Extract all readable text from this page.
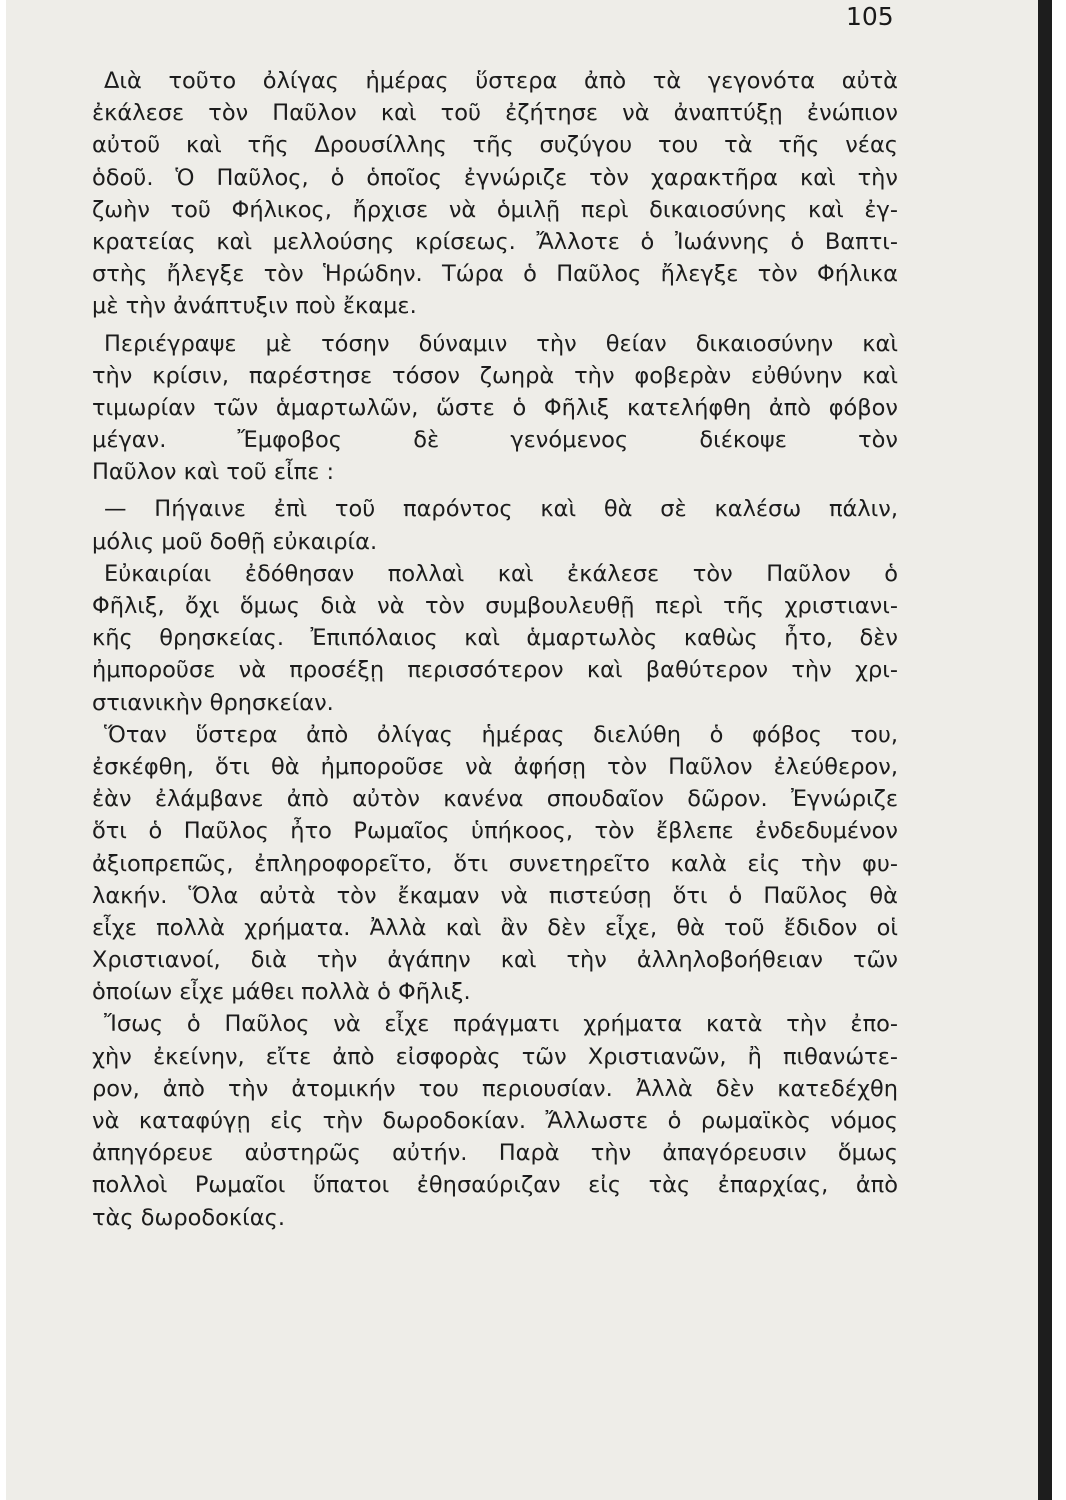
105
Διὰ τοῦτο ὀλίγας ἡμέρας ὕστερα ἀπὸ τὰ γεγονότα αὐτὰ
ἐκάλεσε τὸν Παῦλον καὶ τοῦ ἐζήτησε νὰ ἀναπτύξῃ ἐνώπιον
αὐτοῦ καὶ τῆς Δρουσίλλης τῆς συζύγου του τὰ τῆς νέας
ὁδοῦ. Ὁ Παῦλος, ὁ ὁποῖος ἐγνώριζε τὸν χαρακτῆρα καὶ τὴν
ζωὴν τοῦ Φήλικος, ἤρχισε νὰ ὁμιλῇ περὶ δικαιοσύνης καὶ ἐγ-
κρατείας καὶ μελλούσης κρίσεως. Ἄλλοτε ὁ Ἰωάννης ὁ Βαπτι-
στὴς ἤλεγξε τὸν Ἡρώδην. Τώρα ὁ Παῦλος ἤλεγξε τὸν Φήλικα
μὲ τὴν ἀνάπτυξιν ποὺ ἔκαμε.
Περιέγραψε μὲ τόσην δύναμιν τὴν θείαν δικαιοσύνην καὶ
τὴν κρίσιν, παρέστησε τόσον ζωηρὰ τὴν φοβερὰν εὐθύνην καὶ
τιμωρίαν τῶν ἁμαρτωλῶν, ὥστε ὁ Φῆλιξ κατελήφθη ἀπὸ φόβον
μέγαν. Ἔμφοβος δὲ γενόμενος διέκοψε τὸν
Παῦλον καὶ τοῦ εἶπε :
— Πήγαινε ἐπὶ τοῦ παρόντος καὶ θὰ σὲ καλέσω πάλιν,
μόλις μοῦ δοθῇ εὐκαιρία.
Εὐκαιρίαι ἐδόθησαν πολλαὶ καὶ ἐκάλεσε τὸν Παῦλον ὁ
Φῆλιξ, ὄχι ὅμως διὰ νὰ τὸν συμβουλευθῇ περὶ τῆς χριστιανι-
κῆς θρησκείας. Ἐπιπόλαιος καὶ ἁμαρτωλὸς καθὼς ἦτο, δὲν
ἠμποροῦσε νὰ προσέξῃ περισσότερον καὶ βαθύτερον τὴν χρι-
στιανικὴν θρησκείαν.
Ὅταν ὕστερα ἀπὸ ὀλίγας ἡμέρας διελύθη ὁ φόβος του,
ἐσκέφθη, ὅτι θὰ ἠμποροῦσε νὰ ἀφήσῃ τὸν Παῦλον ἐλεύθερον,
ἐὰν ἐλάμβανε ἀπὸ αὐτὸν κανένα σπουδαῖον δῶρον. Ἐγνώριζε
ὅτι ὁ Παῦλος ἦτο Ρωμαῖος ὑπήκοος, τὸν ἔβλεπε ἐνδεδυμένον
ἀξιοπρεπῶς, ἐπληροφορεῖτο, ὅτι συνετηρεῖτο καλὰ εἰς τὴν φυ-
λακήν. Ὅλα αὐτὰ τὸν ἔκαμαν νὰ πιστεύσῃ ὅτι ὁ Παῦλος θὰ
εἶχε πολλὰ χρήματα. Ἀλλὰ καὶ ἂν δὲν εἶχε, θὰ τοῦ ἔδιδον οἱ
Χριστιανοί, διὰ τὴν ἀγάπην καὶ τὴν ἀλληλοβοήθειαν τῶν
ὁποίων εἶχε μάθει πολλὰ ὁ Φῆλιξ.
Ἴσως ὁ Παῦλος νὰ εἶχε πράγματι χρήματα κατὰ τὴν ἐπο-
χὴν ἐκείνην, εἴτε ἀπὸ εἰσφορὰς τῶν Χριστιανῶν, ἢ πιθανώτε-
ρον, ἀπὸ τὴν ἀτομικήν του περιουσίαν. Ἀλλὰ δὲν κατεδέχθη
νὰ καταφύγῃ εἰς τὴν δωροδοκίαν. Ἄλλωστε ὁ ρωμαϊκὸς νόμος
ἀπηγόρευε αὐστηρῶς αὐτήν. Παρὰ τὴν ἀπαγόρευσιν ὅμως
πολλοὶ Ρωμαῖοι ὕπατοι ἐθησαύριζαν εἰς τὰς ἐπαρχίας, ἀπὸ
τὰς δωροδοκίας.
